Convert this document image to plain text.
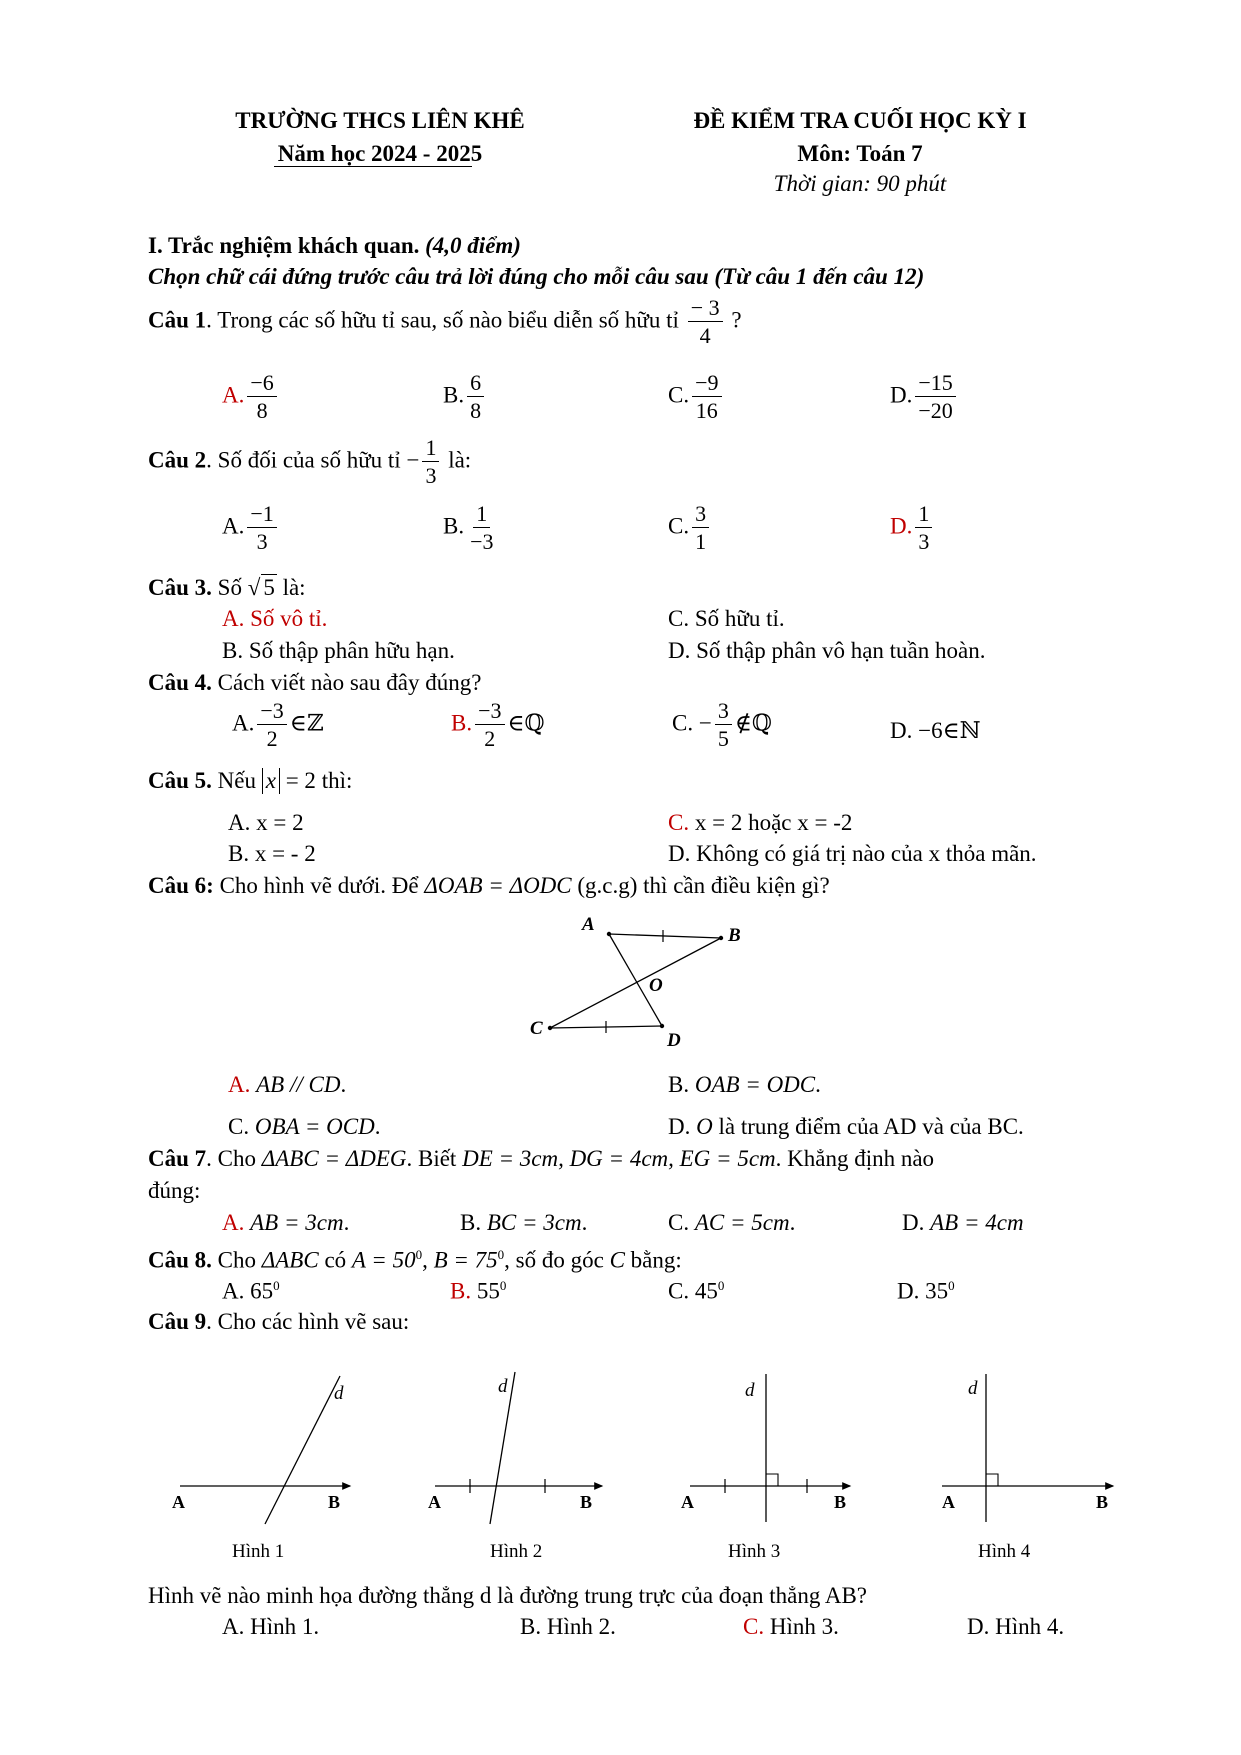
TRƯỜNG THCS LIÊN KHÊ
Năm học 2024 - 2025
ĐỀ KIỂM TRA CUỐI HỌC KỲ I
Môn: Toán 7
Thời gian: 90 phút
I. Trắc nghiệm khách quan. (4,0 điểm)
Chọn chữ cái đứng trước câu trả lời đúng cho mỗi câu sau (Từ câu 1 đến câu 12)
Câu 1. Trong các số hữu tỉ sau, số nào biểu diễn số hữu tỉ $\frac{- 3}{4}$ ?
A. $\frac{-6}{8}$	B. $\frac{6}{8}$	C. $\frac{-9}{16}$	D. $\frac{-15}{-20}$
Câu 2. Số đối của số hữu tỉ − $\frac{1}{3}$ là:
A. $\frac{-1}{3}$	B. $\frac{1}{-3}$	C. $\frac{3}{1}$	D. $\frac{1}{3}$
Câu 3. Số √ 5 là:
A. Số vô tỉ.	C. Số hữu tỉ.
B. Số thập phân hữu hạn.	D. Số thập phân vô hạn tuần hoàn.
Câu 4. Cách viết nào sau đây đúng?
A. $\frac{-3}{2}$ ∈ℤ	B. $\frac{-3}{2}$ ∈ℚ	C. − $\frac{3}{5}$ ∉ℚ	D. −6∈ℕ
Câu 5. Nếu x = 2 thì:
A. x = 2	C. x = 2 hoặc x = -2
B. x = - 2	D. Không có giá trị nào của x thỏa mãn.
Câu 6: Cho hình vẽ dưới. Để ΔOAB = ΔODC (g.c.g) thì cần điều kiện gì?
A
B
O
C
D
A. AB // CD.	B. OAB = ODC.
C. OBA = OCD.	D. O là trung điểm của AD và của BC.
Câu 7. Cho ΔABC = ΔDEG. Biết DE = 3cm, DG = 4cm, EG = 5cm. Khẳng định nào
đúng:
A. AB = 3cm.	B. BC = 3cm.	C. AC = 5cm.	D. AB = 4cm
Câu 8. Cho ΔABC có $A = 50^0$, $B = 75^0$, số đo góc C bằng:
A. $65^0$	B. $55^0$	C. $45^0$	D. $35^0$
Câu 9. Cho các hình vẽ sau:
d
A	B
Hình 1
d
A	B
Hình 2
d
A	B
Hình 3
d
A	B
Hình 4
Hình vẽ nào minh họa đường thẳng d là đường trung trực của đoạn thẳng AB?
A. Hình 1.	B. Hình 2.	C. Hình 3.	D. Hình 4.
